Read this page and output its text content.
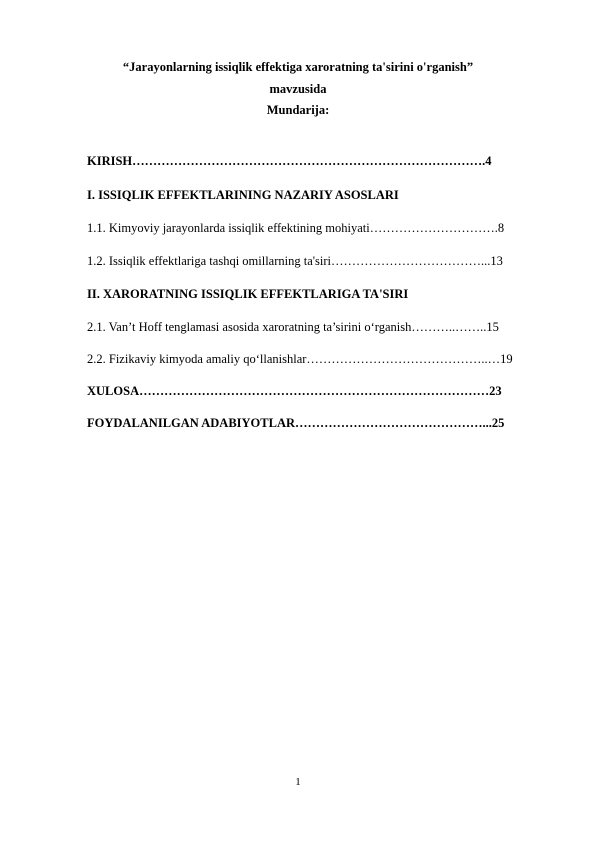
“Jarayonlarning issiqlik effektiga xaroratning ta'sirini o'rganish”
mavzusida
Mundarija:
KIRISH………………………………………………………………………….4
I. ISSIQLIK EFFEKTLARINING NAZARIY ASOSLARI
1.1. Kimyoviy jarayonlarda issiqlik effektining mohiyati………………………….8
1.2. Issiqlik effektlariga tashqi omillarning ta'siri………………………………...13
II. XARORATNING ISSIQLIK EFFEKTLARIGA TA'SIRI
2.1. Van’t Hoff tenglamasi asosida xaroratning ta’sirini o‘rganish………..……..15
2.2. Fizikaviy kimyoda amaliy qo‘llanishlar……………………………………..…19
XULOSA…………………………………………………………………………23
FOYDALANILGAN ADABIYOTLAR………………………………………...25
1
